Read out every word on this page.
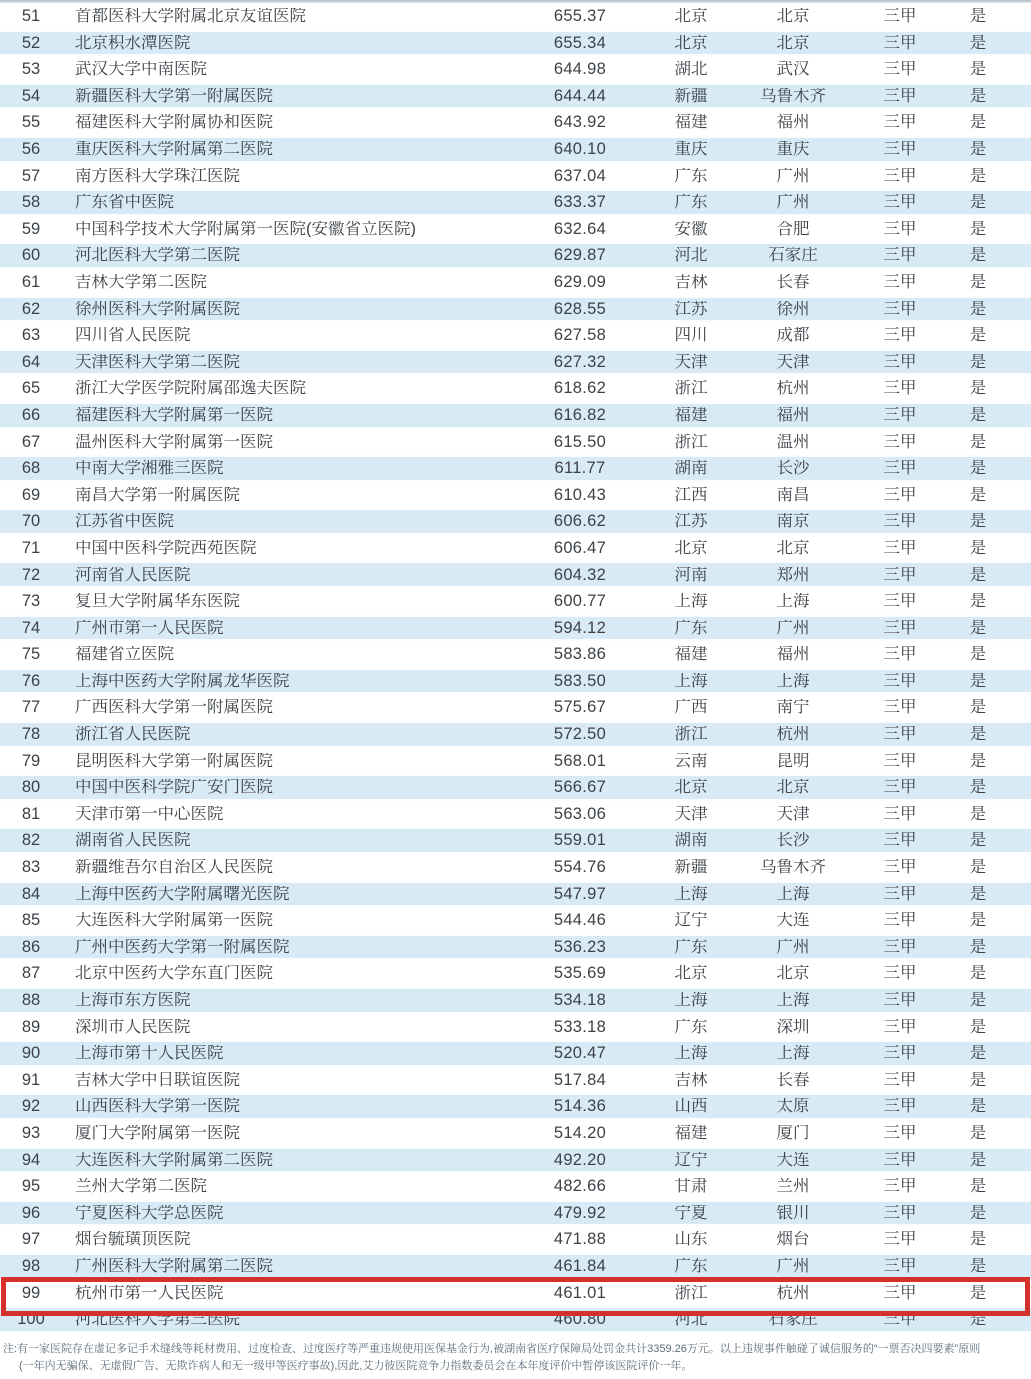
51	首都医科大学附属北京友谊医院	655.37	北京	北京	三甲	是
52	北京积水潭医院	655.34	北京	北京	三甲	是
53	武汉大学中南医院	644.98	湖北	武汉	三甲	是
54	新疆医科大学第一附属医院	644.44	新疆	乌鲁木齐	三甲	是
55	福建医科大学附属协和医院	643.92	福建	福州	三甲	是
56	重庆医科大学附属第二医院	640.10	重庆	重庆	三甲	是
57	南方医科大学珠江医院	637.04	广东	广州	三甲	是
58	广东省中医院	633.37	广东	广州	三甲	是
59	中国科学技术大学附属第一医院(安徽省立医院)	632.64	安徽	合肥	三甲	是
60	河北医科大学第二医院	629.87	河北	石家庄	三甲	是
61	吉林大学第二医院	629.09	吉林	长春	三甲	是
62	徐州医科大学附属医院	628.55	江苏	徐州	三甲	是
63	四川省人民医院	627.58	四川	成都	三甲	是
64	天津医科大学第二医院	627.32	天津	天津	三甲	是
65	浙江大学医学院附属邵逸夫医院	618.62	浙江	杭州	三甲	是
66	福建医科大学附属第一医院	616.82	福建	福州	三甲	是
67	温州医科大学附属第一医院	615.50	浙江	温州	三甲	是
68	中南大学湘雅三医院	611.77	湖南	长沙	三甲	是
69	南昌大学第一附属医院	610.43	江西	南昌	三甲	是
70	江苏省中医院	606.62	江苏	南京	三甲	是
71	中国中医科学院西苑医院	606.47	北京	北京	三甲	是
72	河南省人民医院	604.32	河南	郑州	三甲	是
73	复旦大学附属华东医院	600.77	上海	上海	三甲	是
74	广州市第一人民医院	594.12	广东	广州	三甲	是
75	福建省立医院	583.86	福建	福州	三甲	是
76	上海中医药大学附属龙华医院	583.50	上海	上海	三甲	是
77	广西医科大学第一附属医院	575.67	广西	南宁	三甲	是
78	浙江省人民医院	572.50	浙江	杭州	三甲	是
79	昆明医科大学第一附属医院	568.01	云南	昆明	三甲	是
80	中国中医科学院广安门医院	566.67	北京	北京	三甲	是
81	天津市第一中心医院	563.06	天津	天津	三甲	是
82	湖南省人民医院	559.01	湖南	长沙	三甲	是
83	新疆维吾尔自治区人民医院	554.76	新疆	乌鲁木齐	三甲	是
84	上海中医药大学附属曙光医院	547.97	上海	上海	三甲	是
85	大连医科大学附属第一医院	544.46	辽宁	大连	三甲	是
86	广州中医药大学第一附属医院	536.23	广东	广州	三甲	是
87	北京中医药大学东直门医院	535.69	北京	北京	三甲	是
88	上海市东方医院	534.18	上海	上海	三甲	是
89	深圳市人民医院	533.18	广东	深圳	三甲	是
90	上海市第十人民医院	520.47	上海	上海	三甲	是
91	吉林大学中日联谊医院	517.84	吉林	长春	三甲	是
92	山西医科大学第一医院	514.36	山西	太原	三甲	是
93	厦门大学附属第一医院	514.20	福建	厦门	三甲	是
94	大连医科大学附属第二医院	492.20	辽宁	大连	三甲	是
95	兰州大学第二医院	482.66	甘肃	兰州	三甲	是
96	宁夏医科大学总医院	479.92	宁夏	银川	三甲	是
97	烟台毓璜顶医院	471.88	山东	烟台	三甲	是
98	广州医科大学附属第二医院	461.84	广东	广州	三甲	是
99	杭州市第一人民医院	461.01	浙江	杭州	三甲	是
100	河北医科大学第三医院	460.80	河北	石家庄	三甲	是
注:有一家医院存在虚记多记手术缝线等耗材费用、过度检查、过度医疗等严重违规使用医保基金行为,被湖南省医疗保障局处罚金共计3359.26万元。以上违规事件触碰了诚信服务的“一票否决四要素”原则
(一年内无骗保、无虚假广告、无欺诈病人和无一级甲等医疗事故),因此,艾力彼医院竞争力指数委员会在本年度评价中暂停该医院评价一年。
